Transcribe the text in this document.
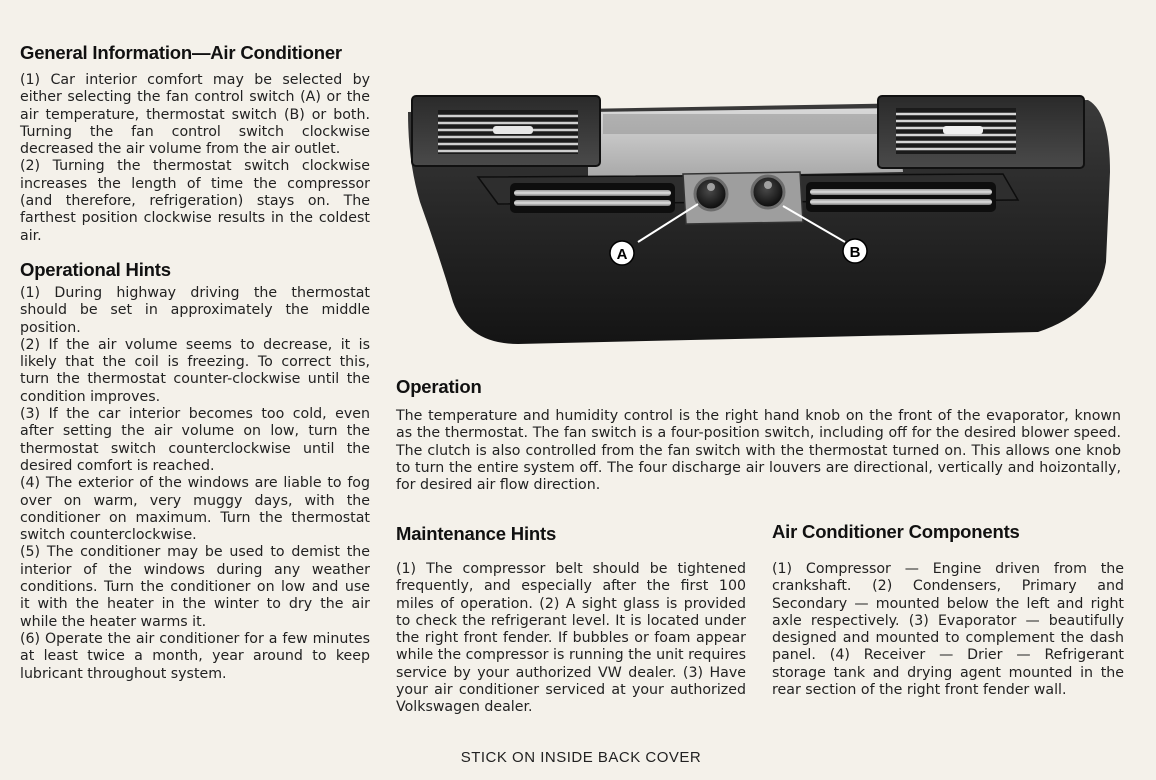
General Information—Air Conditioner

(1) Car interior comfort may be selected by either selecting the fan control switch (A) or the air temperature, thermostat switch (B) or both. Turning the fan control switch clockwise decreased the air volume from the air outlet.

(2) Turning the thermostat switch clockwise increases the length of time the compressor (and therefore, refrigeration) stays on. The farthest position clockwise results in the coldest air.

Operational Hints

(1) During highway driving the thermostat should be set in approximately the middle position.

(2) If the air volume seems to decrease, it is likely that the coil is freezing. To correct this, turn the thermostat counter-clockwise until the condition improves.

(3) If the car interior becomes too cold, even after setting the air volume on low, turn the thermostat switch counterclockwise until the desired comfort is reached.

(4) The exterior of the windows are liable to fog over on warm, very muggy days, with the conditioner on maximum. Turn the thermostat switch counterclockwise.

(5) The conditioner may be used to demist the interior of the windows during any weather conditions. Turn the conditioner on low and use it with the heater in the winter to dry the air while the heater warms it.

(6) Operate the air conditioner for a few minutes at least twice a month, year around to keep lubricant throughout system.

A	B
Operation
The temperature and humidity control is the right hand knob on the front of the evaporator, known as the thermostat. The fan switch is a four-position switch, including off for the desired blower speed. The clutch is also controlled from the fan switch with the thermostat turned on. This allows one knob to turn the entire system off. The four discharge air louvers are directional, vertically and hoizontally, for desired air flow direction.
Maintenance Hints
(1) The compressor belt should be tightened frequently, and especially after the first 100 miles of operation. (2) A sight glass is provided to check the refrigerant level. It is located under the right front fender. If bubbles or foam appear while the compressor is running the unit requires service by your authorized VW dealer. (3) Have your air conditioner serviced at your authorized Volkswagen dealer.
Air Conditioner Components
(1) Compressor — Engine driven from the crankshaft. (2) Condensers, Primary and Secondary — mounted below the left and right axle respectively. (3) Evaporator — beautifully designed and mounted to complement the dash panel. (4) Receiver — Drier — Refrigerant storage tank and drying agent mounted in the rear section of the right front fender wall.
STICK ON INSIDE BACK COVER
